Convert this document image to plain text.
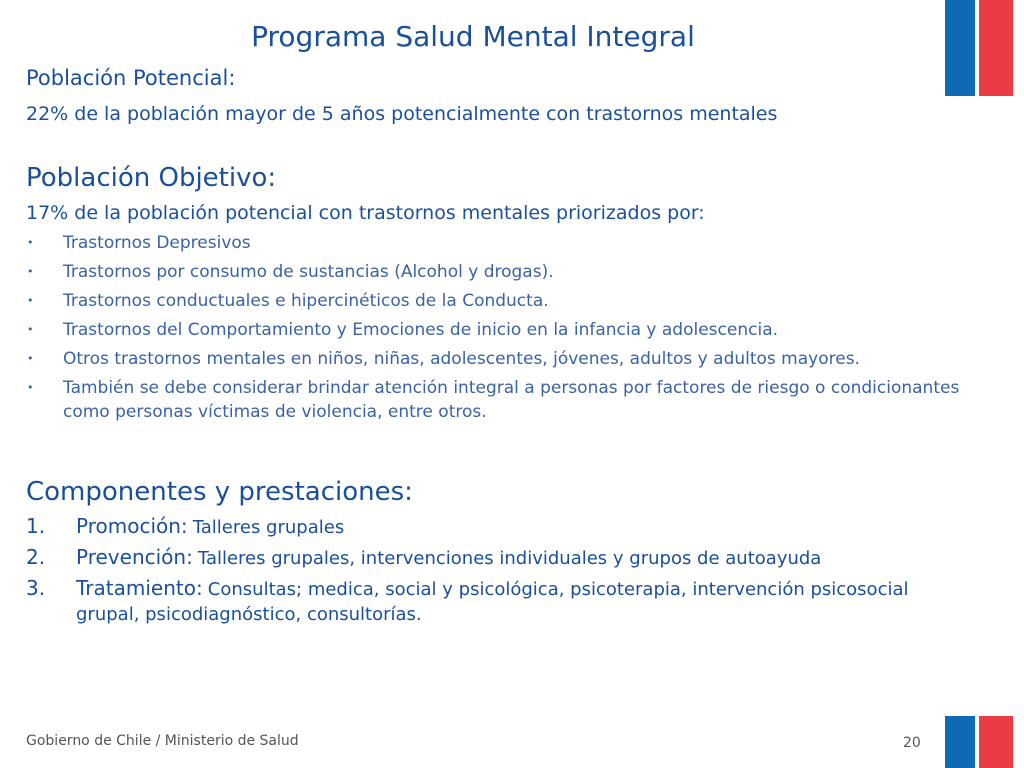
Programa Salud Mental Integral
Población Potencial:
22% de la población mayor de 5 años potencialmente con trastornos mentales
Población Objetivo:
17% de la población potencial con trastornos mentales priorizados por:
• Trastornos Depresivos
• Trastornos por consumo de sustancias (Alcohol y drogas).
• Trastornos conductuales e hipercinéticos de la Conducta.
• Trastornos del Comportamiento y Emociones de inicio en la infancia y adolescencia.
• Otros trastornos mentales en niños, niñas, adolescentes, jóvenes, adultos y adultos mayores.
• También se debe considerar brindar atención integral a personas por factores de riesgo o condicionantes como personas víctimas de violencia, entre otros.
Componentes y prestaciones:
1. Promoción: Talleres grupales
2. Prevención: Talleres grupales, intervenciones individuales y grupos de autoayuda
3. Tratamiento: Consultas; medica, social y psicológica, psicoterapia, intervención psicosocial grupal, psicodiagnóstico, consultorías.
Gobierno de Chile / Ministerio de Salud	20
